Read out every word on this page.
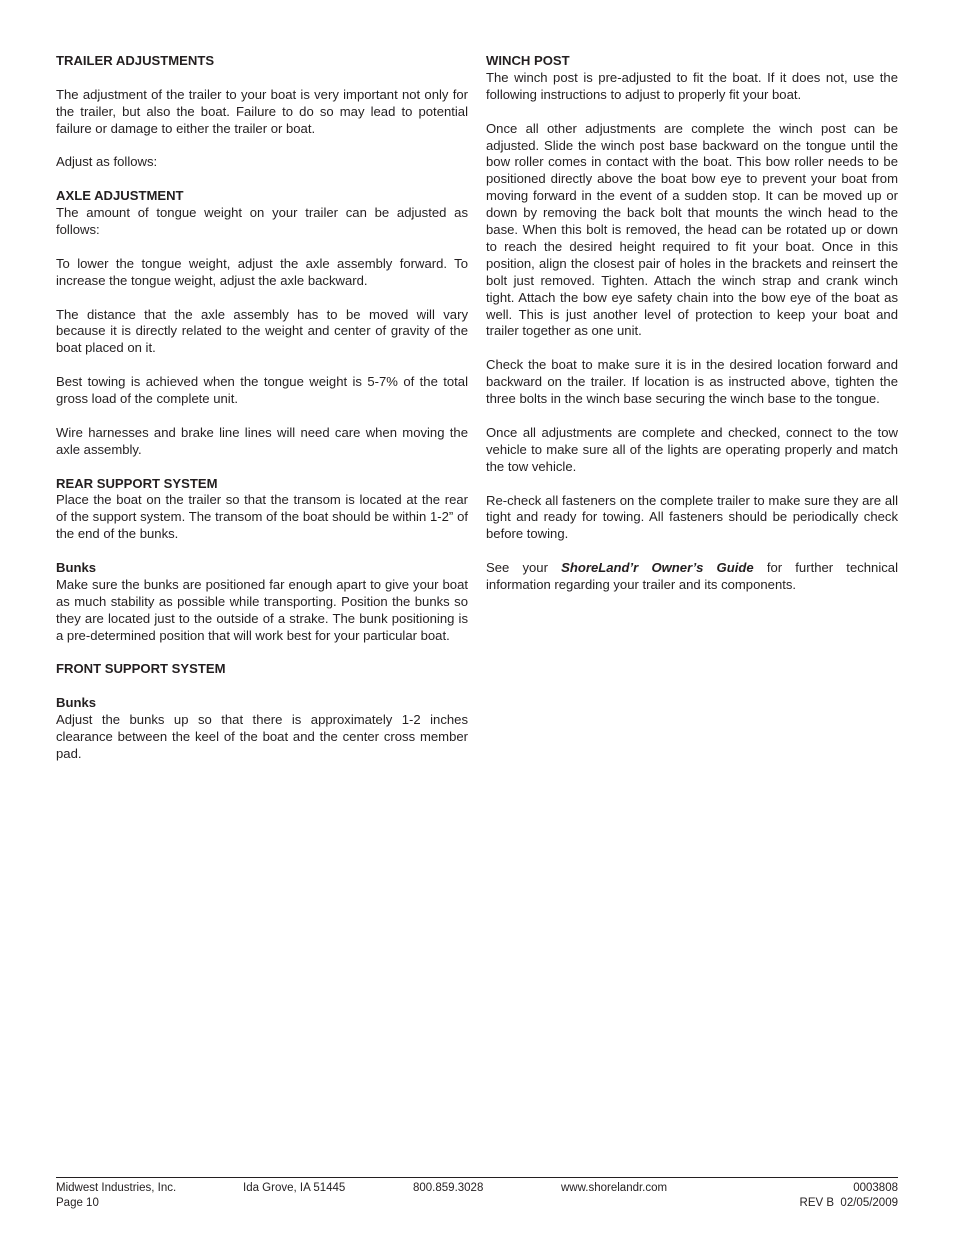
TRAILER ADJUSTMENTS

The adjustment of the trailer to your boat is very important not only for the trailer, but also the boat. Failure to do so may lead to potential failure or damage to either the trailer or boat.

Adjust as follows:

AXLE ADJUSTMENT

The amount of tongue weight on your trailer can be adjusted as follows:

To lower the tongue weight, adjust the axle assembly forward. To increase the tongue weight, adjust the axle backward.

The distance that the axle assembly has to be moved will vary because it is directly related to the weight and center of gravity of the boat placed on it.

Best towing is achieved when the tongue weight is 5-7% of the total gross load of the complete unit.

Wire harnesses and brake line lines will need care when moving the axle assembly.

REAR SUPPORT SYSTEM

Place the boat on the trailer so that the transom is located at the rear of the support system. The transom of the boat should be within 1-2” of the end of the bunks.

Bunks

Make sure the bunks are positioned far enough apart to give your boat as much stability as possible while transporting. Position the bunks so they are located just to the outside of a strake. The bunk positioning is a pre-determined position that will work best for your particular boat.

FRONT SUPPORT SYSTEM
Bunks

Adjust the bunks up so that there is approximately 1-2 inches clearance between the keel of the boat and the center cross member pad.

WINCH POST

The winch post is pre-adjusted to fit the boat. If it does not, use the following instructions to adjust to properly fit your boat.

Once all other adjustments are complete the winch post can be adjusted. Slide the winch post base backward on the tongue until the bow roller comes in contact with the boat. This bow roller needs to be positioned directly above the boat bow eye to prevent your boat from moving forward in the event of a sudden stop. It can be moved up or down by removing the back bolt that mounts the winch head to the base. When this bolt is removed, the head can be rotated up or down to reach the desired height required to fit your boat. Once in this position, align the closest pair of holes in the brackets and reinsert the bolt just removed. Tighten. Attach the winch strap and crank winch tight. Attach the bow eye safety chain into the bow eye of the boat as well. This is just another level of protection to keep your boat and trailer together as one unit.

Check the boat to make sure it is in the desired location forward and backward on the trailer. If location is as instructed above, tighten the three bolts in the winch base securing the winch base to the tongue.

Once all adjustments are complete and checked, connect to the tow vehicle to make sure all of the lights are operating properly and match the tow vehicle.

Re-check all fasteners on the complete trailer to make sure they are all tight and ready for towing. All fasteners should be periodically check before towing.

See your ShoreLand’r Owner’s Guide for further technical information regarding your trailer and its components.

Midwest Industries, Inc.
Page 10
Ida Grove, IA 51445	800.859.3028	www.shorelandr.com	0003808
REV B  02/05/2009
